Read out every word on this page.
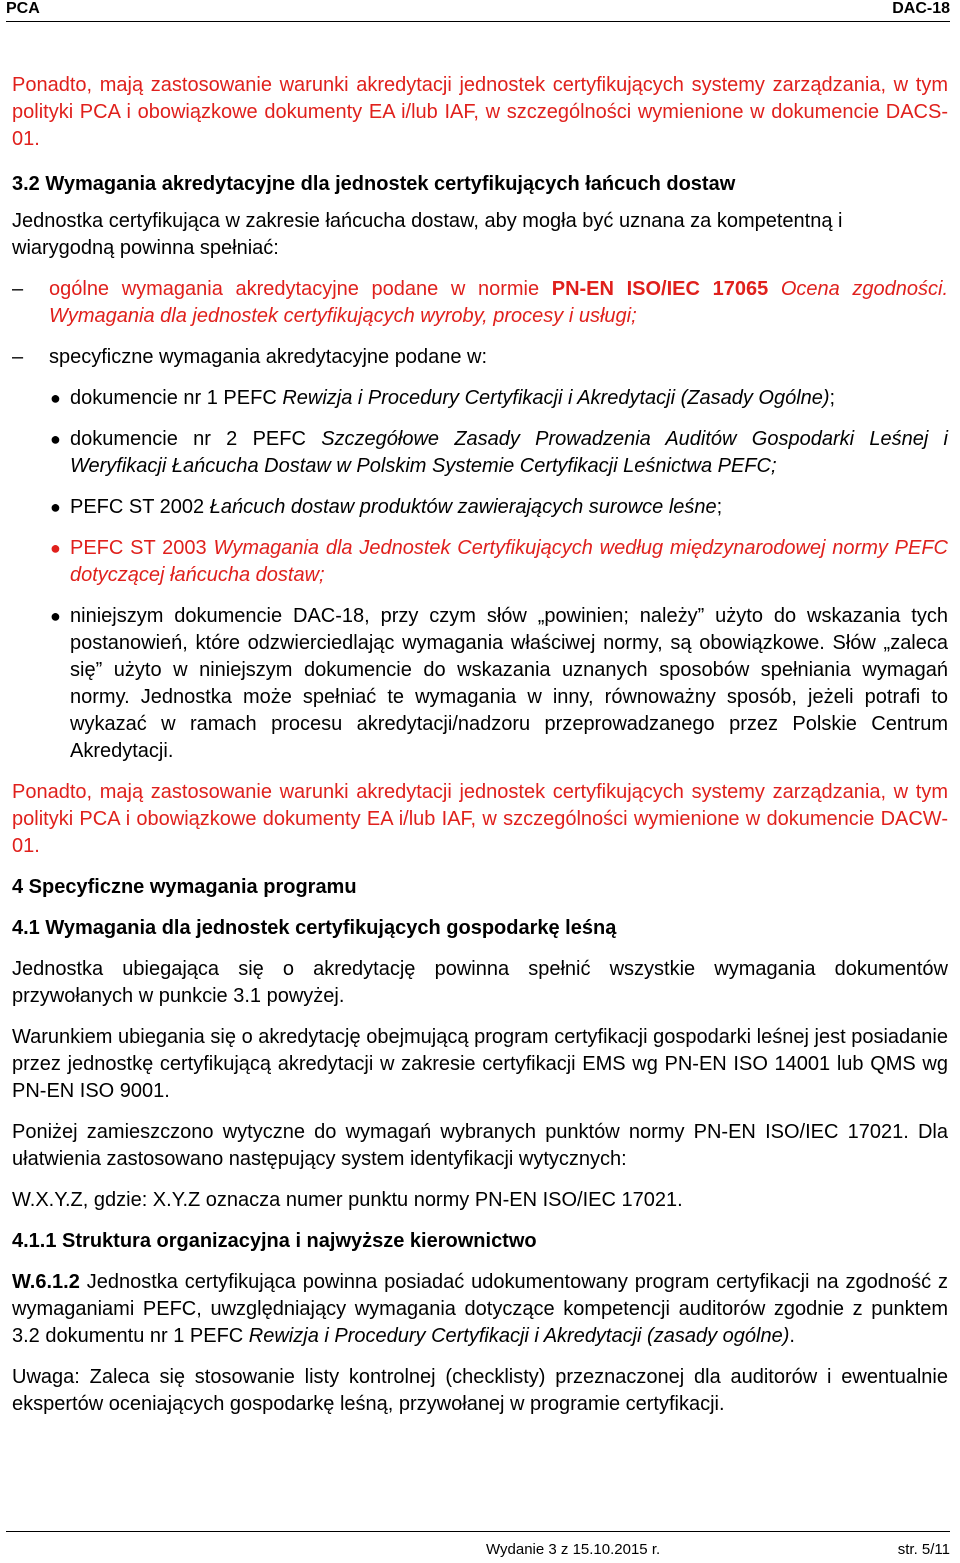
PCA	DAC-18

Ponadto, mają zastosowanie warunki akredytacji jednostek certyfikujących systemy zarządzania, w tym polityki PCA i obowiązkowe dokumenty EA i/lub IAF, w szczególności wymienione w dokumencie DACS-01.

3.2 Wymagania akredytacyjne dla jednostek certyfikujących łańcuch dostaw

Jednostka certyfikująca w zakresie łańcucha dostaw, aby mogła być uznana za kompetentną i wiarygodną powinna spełniać:

– ogólne wymagania akredytacyjne podane w normie PN-EN ISO/IEC 17065 Ocena zgodności. Wymagania dla jednostek certyfikujących wyroby, procesy i usługi;
– specyficzne wymagania akredytacyjne podane w:
● dokumencie nr 1 PEFC Rewizja i Procedury Certyfikacji i Akredytacji (Zasady Ogólne);
● dokumencie nr 2 PEFC Szczegółowe Zasady Prowadzenia Auditów Gospodarki Leśnej i Weryfikacji Łańcucha Dostaw w Polskim Systemie Certyfikacji Leśnictwa PEFC;
● PEFC ST 2002 Łańcuch dostaw produktów zawierających surowce leśne;
● PEFC ST 2003 Wymagania dla Jednostek Certyfikujących według międzynarodowej normy PEFC dotyczącej łańcucha dostaw;
● niniejszym dokumencie DAC-18, przy czym słów „powinien; należy” użyto do wskazania tych postanowień, które odzwierciedlając wymagania właściwej normy, są obowiązkowe. Słów „zaleca się” użyto w niniejszym dokumencie do wskazania uznanych sposobów spełniania wymagań normy. Jednostka może spełniać te wymagania w inny, równoważny sposób, jeżeli potrafi to wykazać w ramach procesu akredytacji/nadzoru przeprowadzanego przez Polskie Centrum Akredytacji.

Ponadto, mają zastosowanie warunki akredytacji jednostek certyfikujących systemy zarządzania, w tym polityki PCA i obowiązkowe dokumenty EA i/lub IAF, w szczególności wymienione w dokumencie DACW-01.

4 Specyficzne wymagania programu

4.1 Wymagania dla jednostek certyfikujących gospodarkę leśną

Jednostka ubiegająca się o akredytację powinna spełnić wszystkie wymagania dokumentów przywołanych w punkcie 3.1 powyżej.

Warunkiem ubiegania się o akredytację obejmującą program certyfikacji gospodarki leśnej jest posiadanie przez jednostkę certyfikującą akredytacji w zakresie certyfikacji EMS wg PN-EN ISO 14001 lub QMS wg PN-EN ISO 9001.

Poniżej zamieszczono wytyczne do wymagań wybranych punktów normy PN-EN ISO/IEC 17021. Dla ułatwienia zastosowano następujący system identyfikacji wytycznych:

W.X.Y.Z, gdzie: X.Y.Z oznacza numer punktu normy PN-EN ISO/IEC 17021.

4.1.1 Struktura organizacyjna i najwyższe kierownictwo

W.6.1.2 Jednostka certyfikująca powinna posiadać udokumentowany program certyfikacji na zgodność z wymaganiami PEFC, uwzględniający wymagania dotyczące kompetencji auditorów zgodnie z punktem 3.2 dokumentu nr 1 PEFC Rewizja i Procedury Certyfikacji i Akredytacji (zasady ogólne).

Uwaga: Zaleca się stosowanie listy kontrolnej (checklisty) przeznaczonej dla auditorów i ewentualnie ekspertów oceniających gospodarkę leśną, przywołanej w programie certyfikacji.

Wydanie 3 z 15.10.2015 r.	str. 5/11
